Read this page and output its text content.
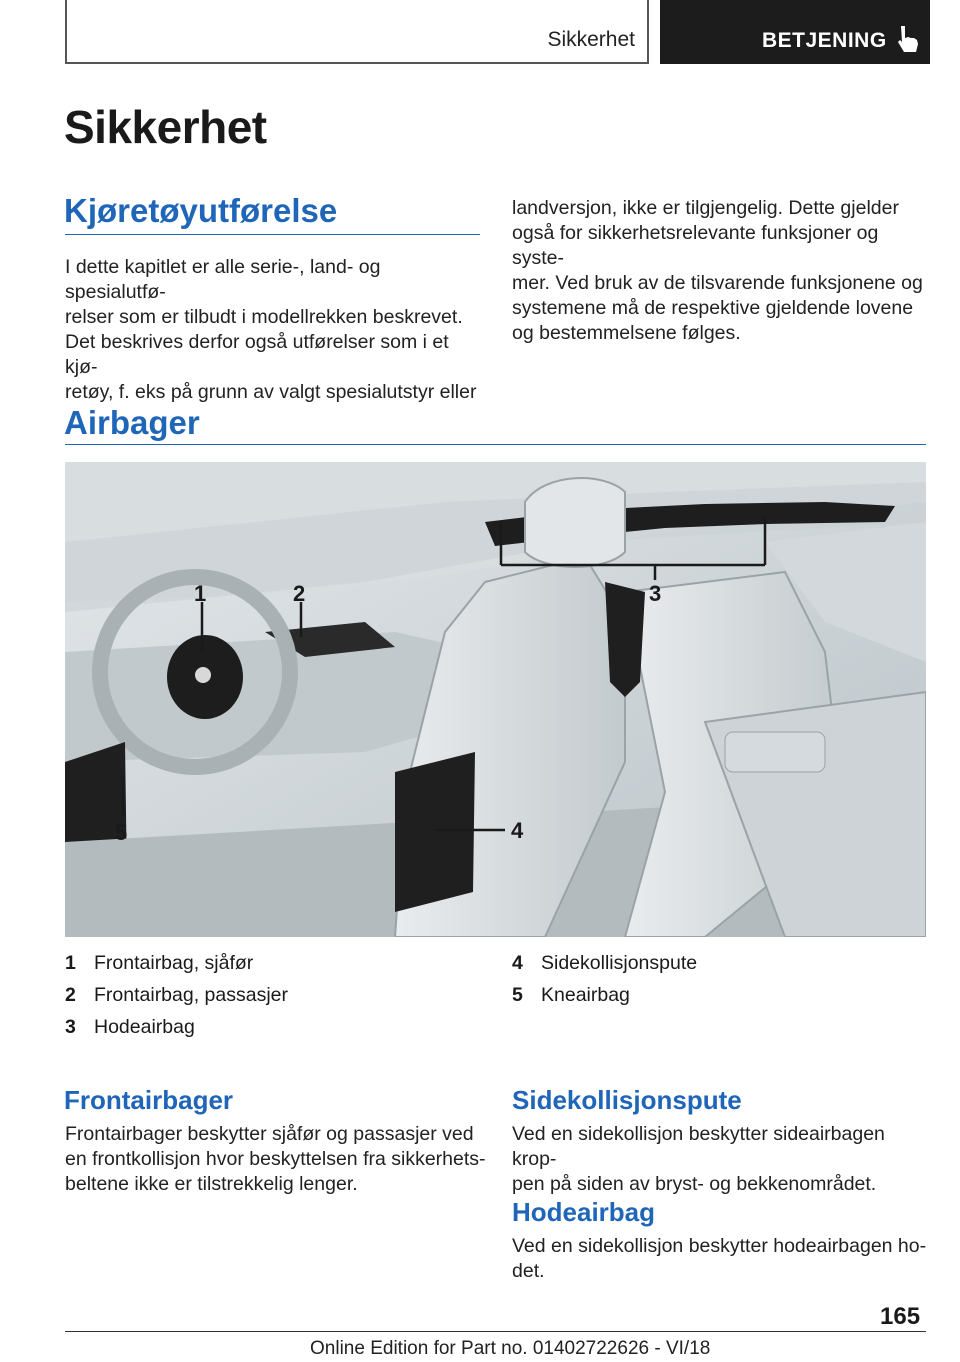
Sikkerhet	BETJENING
Sikkerhet
Kjøretøyutførelse

I dette kapitlet er alle serie-, land- og spesialutfø-

relser som er tilbudt i modellrekken beskrevet.

Det beskrives derfor også utførelser som i et kjø-

retøy, f. eks på grunn av valgt spesialutstyr eller

landversjon, ikke er tilgjengelig. Dette gjelder

også for sikkerhetsrelevante funksjoner og syste-

mer. Ved bruk av de tilsvarende funksjonene og

systemene må de respektive gjeldende lovene

og bestemmelsene følges.

Airbager
1	2	3
4
5
1 Frontairbag, sjåfør
2 Frontairbag, passasjer
3 Hodeairbag
4 Sidekollisjonspute
5 Kneairbag
Frontairbager

Frontairbager beskytter sjåfør og passasjer ved

en frontkollisjon hvor beskyttelsen fra sikkerhets-

beltene ikke er tilstrekkelig lenger.

Sidekollisjonspute

Ved en sidekollisjon beskytter sideairbagen krop-

pen på siden av bryst- og bekkenområdet.

Hodeairbag

Ved en sidekollisjon beskytter hodeairbagen ho-

det.

165
Online Edition for Part no. 01402722626 - VI/18
